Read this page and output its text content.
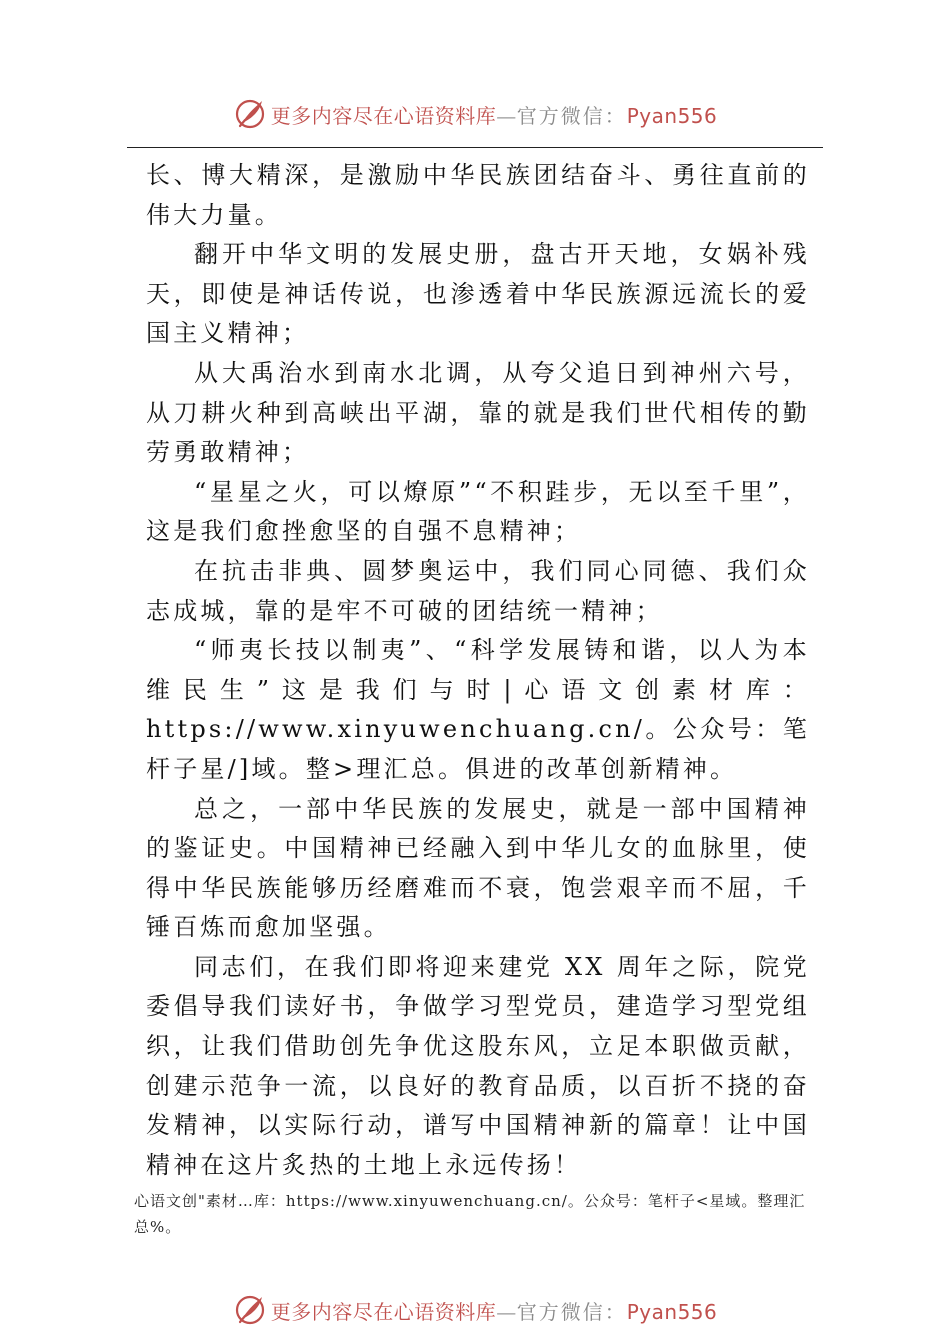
更多内容尽在心语资料库—官方微信：Pyan556

长、博大精深，是激励中华民族团结奋斗、勇往直前的伟大力量。

翻开中华文明的发展史册，盘古开天地，女娲补残天，即使是神话传说，也渗透着中华民族源远流长的爱国主义精神；

从大禹治水到南水北调，从夸父追日到神州六号，从刀耕火种到高峡出平湖，靠的就是我们世代相传的勤劳勇敢精神；

“星星之火，可以燎原”“不积跬步，无以至千里”，这是我们愈挫愈坚的自强不息精神；

在抗击非典、圆梦奥运中，我们同心同德、我们众志成城，靠的是牢不可破的团结统一精神；

“师夷长技以制夷”、“科学发展铸和谐，以人为本维民生”这是我们与时|心语文创素材库：https://www.xinyuwenchuang.cn/。公众号：笔杆子星/]域。整>理汇总。俱进的改革创新精神。

总之，一部中华民族的发展史，就是一部中国精神的鉴证史。中国精神已经融入到中华儿女的血脉里，使得中华民族能够历经磨难而不衰，饱尝艰辛而不屈，千锤百炼而愈加坚强。

同志们，在我们即将迎来建党 XX 周年之际，院党委倡导我们读好书，争做学习型党员，建造学习型党组织，让我们借助创先争优这股东风，立足本职做贡献，创建示范争一流，以良好的教育品质，以百折不挠的奋发精神，以实际行动，谱写中国精神新的篇章！让中国精神在这片炙热的土地上永远传扬！

心语文创"素材…库：https://www.xinyuwenchuang.cn/。公众号：笔杆子<星域。整理汇总%。
更多内容尽在心语资料库—官方微信：Pyan556
